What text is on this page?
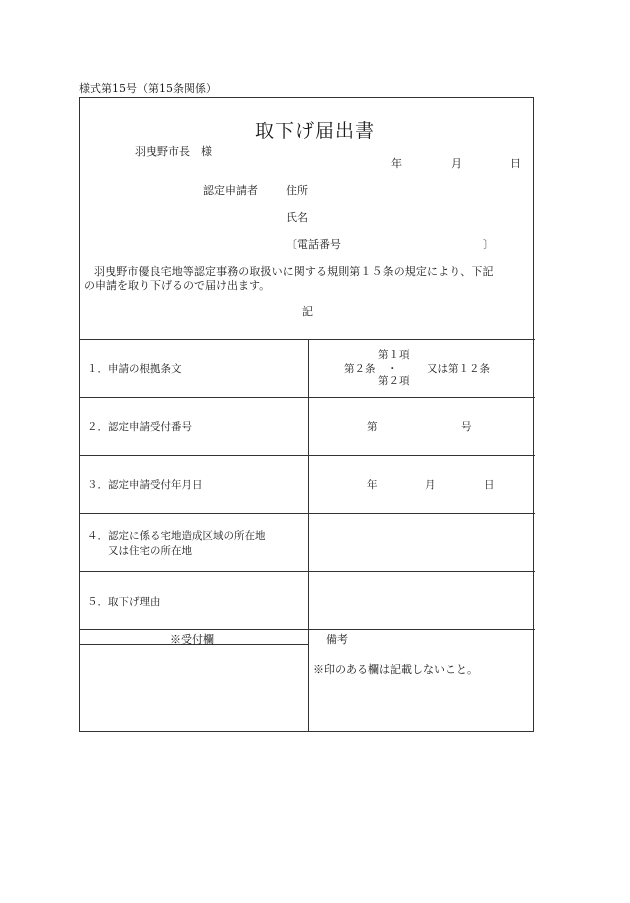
様式第15号（第15条関係）
取下げ届出書
羽曳野市長　様
年	月	日
認定申請者	住所
氏名
〔電話番号	〕
羽曳野市優良宅地等認定事務の取扱いに関する規則第１５条の規定により、下記
の申請を取り下げるので届け出ます。
記
１．申請の根拠条文
第１項
第２条 ・	又は第１２条
第２項
２．認定申請受付番号	第	号
３．認定申請受付年月日	年	月	日
４．認定に係る宅地造成区域の所在地
又は住宅の所在地
５．取下げ理由
※受付欄	備考
※印のある欄は記載しないこと。
